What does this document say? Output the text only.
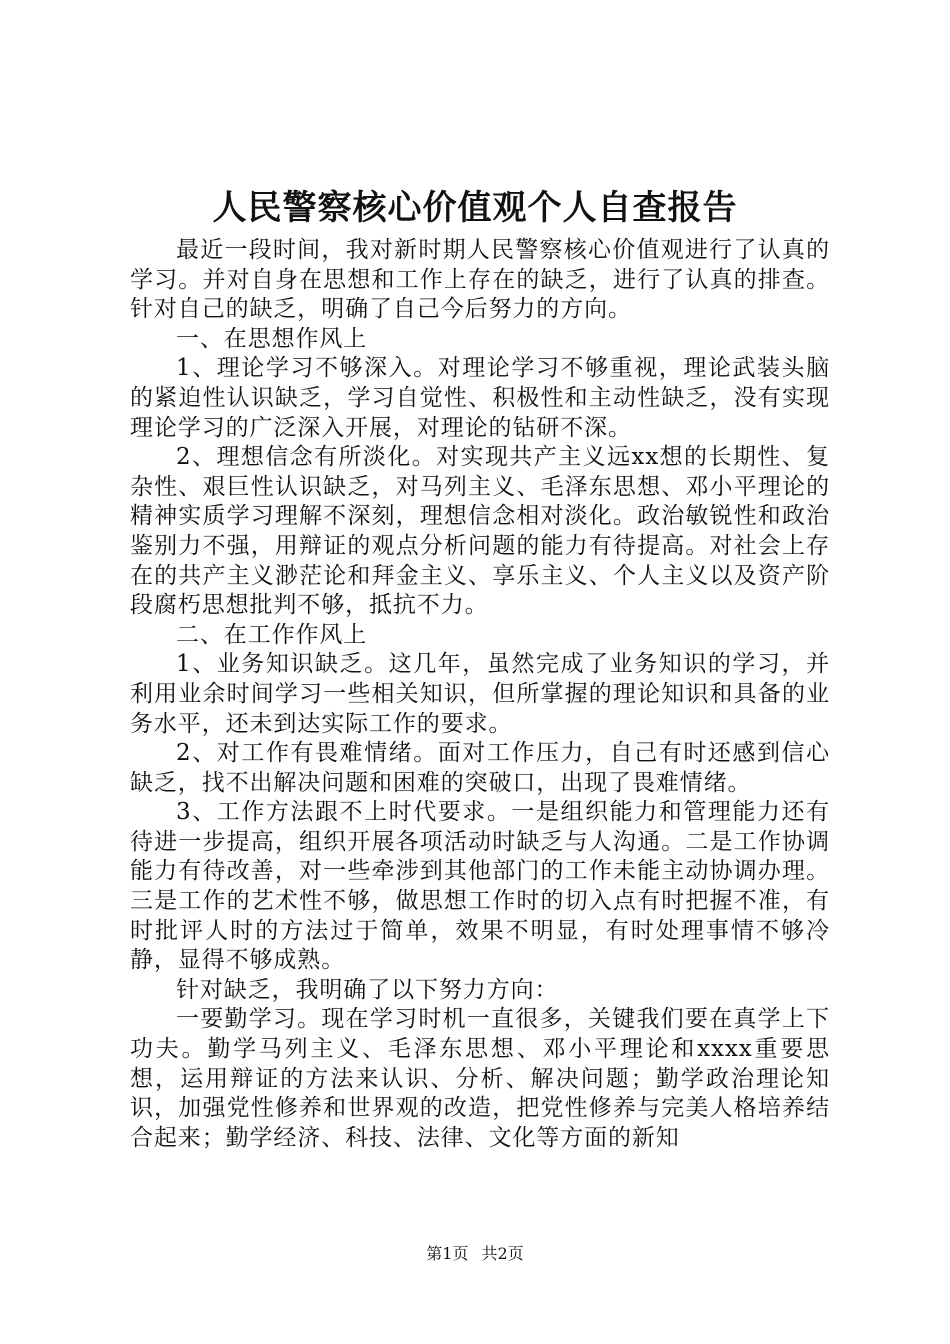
人民警察核心价值观个人自查报告

最近一段时间，我对新时期人民警察核心价值观进行了认真的学习。并对自身在思想和工作上存在的缺乏，进行了认真的排查。针对自己的缺乏，明确了自己今后努力的方向。

一、在思想作风上

1、理论学习不够深入。对理论学习不够重视，理论武装头脑的紧迫性认识缺乏，学习自觉性、积极性和主动性缺乏，没有实现理论学习的广泛深入开展，对理论的钻研不深。

2、理想信念有所淡化。对实现共产主义远xx想的长期性、复杂性、艰巨性认识缺乏，对马列主义、毛泽东思想、邓小平理论的精神实质学习理解不深刻，理想信念相对淡化。政治敏锐性和政治鉴别力不强，用辩证的观点分析问题的能力有待提高。对社会上存在的共产主义渺茫论和拜金主义、享乐主义、个人主义以及资产阶段腐朽思想批判不够，抵抗不力。

二、在工作作风上

1、业务知识缺乏。这几年，虽然完成了业务知识的学习，并利用业余时间学习一些相关知识，但所掌握的理论知识和具备的业务水平，还未到达实际工作的要求。

2、对工作有畏难情绪。面对工作压力，自己有时还感到信心缺乏，找不出解决问题和困难的突破口，出现了畏难情绪。

3、工作方法跟不上时代要求。一是组织能力和管理能力还有待进一步提高，组织开展各项活动时缺乏与人沟通。二是工作协调能力有待改善，对一些牵涉到其他部门的工作未能主动协调办理。三是工作的艺术性不够，做思想工作时的切入点有时把握不准，有时批评人时的方法过于简单，效果不明显，有时处理事情不够冷静，显得不够成熟。

针对缺乏，我明确了以下努力方向：

一要勤学习。现在学习时机一直很多，关键我们要在真学上下功夫。勤学马列主义、毛泽东思想、邓小平理论和xxxx重要思想，运用辩证的方法来认识、分析、解决问题；勤学政治理论知识，加强党性修养和世界观的改造，把党性修养与完美人格培养结合起来；勤学经济、科技、法律、文化等方面的新知

第1页 共2页
